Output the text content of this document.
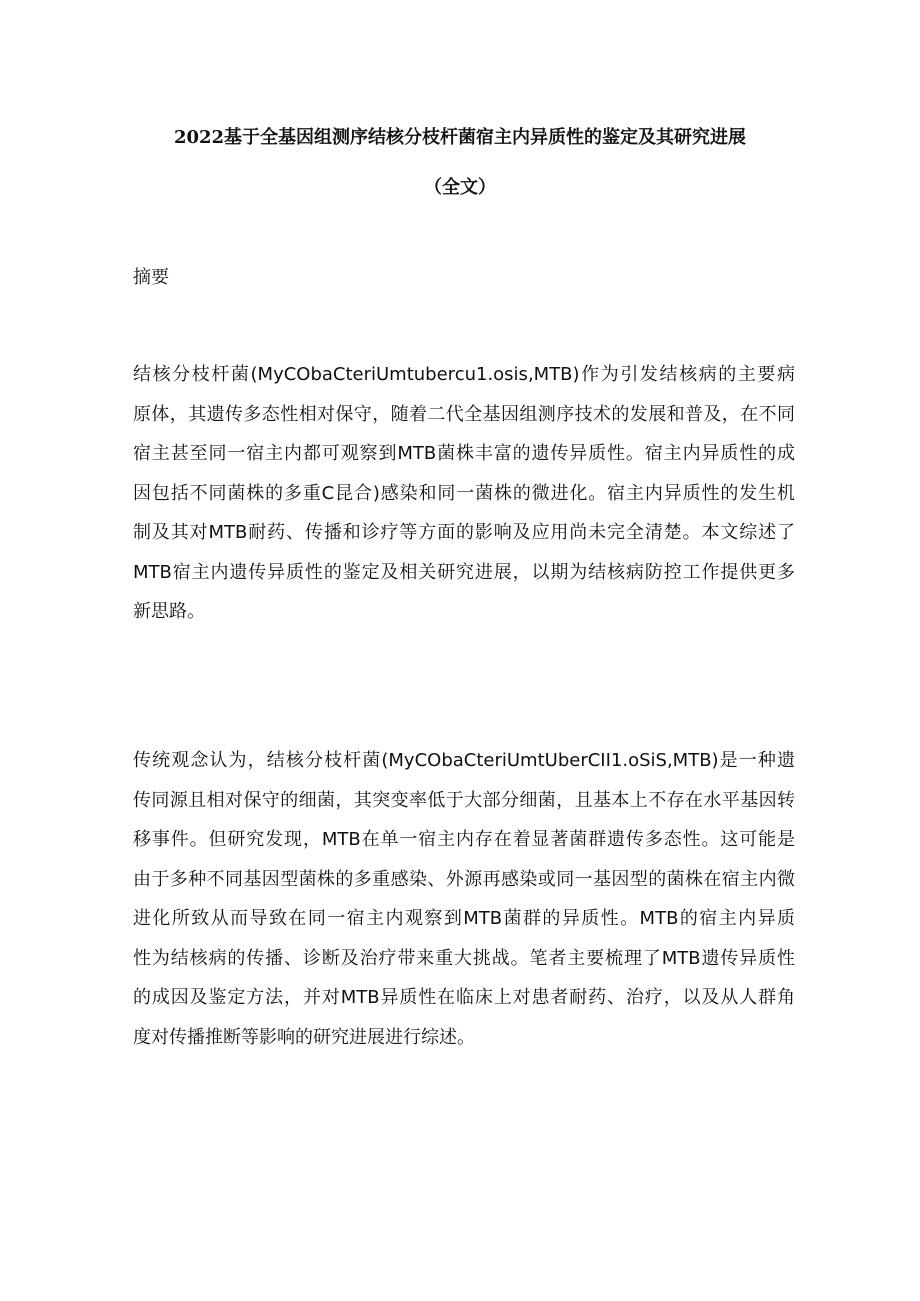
2022基于全基因组测序结核分枝杆菌宿主内异质性的鉴定及其研究进展
（全文）
摘要
结核分枝杆菌(MyCObaCteriUmtubercu1.osis,MTB)作为引发结核病的主要病
原体，其遗传多态性相对保守，随着二代全基因组测序技术的发展和普及，在不同
宿主甚至同一宿主内都可观察到MTB菌株丰富的遗传异质性。宿主内异质性的成
因包括不同菌株的多重C昆合)感染和同一菌株的微进化。宿主内异质性的发生机
制及其对MTB耐药、传播和诊疗等方面的影响及应用尚未完全清楚。本文综述了
MTB宿主内遗传异质性的鉴定及相关研究进展，以期为结核病防控工作提供更多
新思路。
传统观念认为，结核分枝杆菌(MyCObaCteriUmtUberCII1.oSiS,MTB)是一种遗
传同源且相对保守的细菌，其突变率低于大部分细菌，且基本上不存在水平基因转
移事件。但研究发现，MTB在单一宿主内存在着显著菌群遗传多态性。这可能是
由于多种不同基因型菌株的多重感染、外源再感染或同一基因型的菌株在宿主内微
进化所致从而导致在同一宿主内观察到MTB菌群的异质性。MTB的宿主内异质
性为结核病的传播、诊断及治疗带来重大挑战。笔者主要梳理了MTB遗传异质性
的成因及鉴定方法，并对MTB异质性在临床上对患者耐药、治疗，以及从人群角
度对传播推断等影响的研究进展进行综述。
